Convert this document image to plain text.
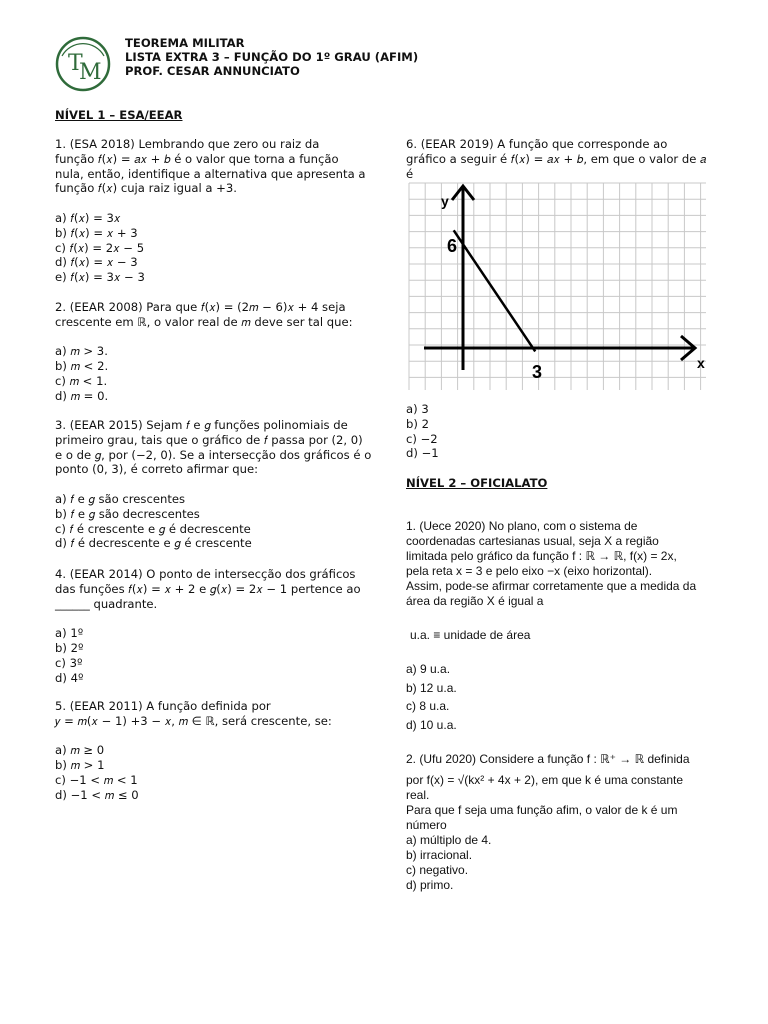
T
M
TEOREMA MILITAR
LISTA EXTRA 3 – FUNÇÃO DO 1º GRAU (AFIM)
PROF. CESAR ANNUNCIATO
NÍVEL 1 – ESA/EEAR

1. (ESA 2018) Lembrando que zero ou raiz da

função 𝑓(𝑥) = 𝑎𝑥 + 𝑏 é o valor que torna a função

nula, então, identifique a alternativa que apresenta a

função 𝑓(𝑥) cuja raiz igual a +3.

a) 𝑓(𝑥) = 3𝑥
b) 𝑓(𝑥) = 𝑥 + 3
c) 𝑓(𝑥) = 2𝑥 − 5
d) 𝑓(𝑥) = 𝑥 − 3
e) 𝑓(𝑥) = 3𝑥 − 3

2. (EEAR 2008) Para que 𝑓(𝑥) = (2𝑚 − 6)𝑥 + 4 seja

crescente em ℝ, o valor real de 𝑚 deve ser tal que:

a) 𝑚 > 3.
b) 𝑚 < 2.
c) 𝑚 < 1.
d) 𝑚 = 0.

3. (EEAR 2015) Sejam 𝑓 e 𝑔 funções polinomiais de

primeiro grau, tais que o gráfico de 𝑓 passa por (2, 0)

e o de 𝑔, por (−2, 0). Se a intersecção dos gráficos é o

ponto (0, 3), é correto afirmar que:

a) 𝑓 e 𝑔 são crescentes
b) 𝑓 e 𝑔 são decrescentes
c) 𝑓 é crescente e 𝑔 é decrescente
d) 𝑓 é decrescente e 𝑔 é crescente

4. (EEAR 2014) O ponto de intersecção dos gráficos

das funções 𝑓(𝑥) = 𝑥 + 2 e 𝑔(𝑥) = 2𝑥 − 1 pertence ao

______ quadrante.

a) 1º
b) 2º
c) 3º
d) 4º

5. (EEAR 2011) A função definida por

𝑦 = 𝑚(𝑥 − 1) +3 − 𝑥, 𝑚 ∈ ℝ, será crescente, se:

a) 𝑚 ≥ 0
b) 𝑚 > 1
c) −1 < 𝑚 < 1
d) −1 < 𝑚 ≤ 0

6. (EEAR 2019) A função que corresponde ao

gráfico a seguir é 𝑓(𝑥) = 𝑎𝑥 + 𝑏, em que o valor de 𝑎

é

y
x
6
3
a) 3
b) 2
c) −2
d) −1
NÍVEL 2 – OFICIALATO

1. (Uece 2020) No plano, com o sistema de

coordenadas cartesianas usual, seja X a região

limitada pelo gráfico da função f : ℝ → ℝ, f(x) = 2x,

pela reta x = 3 e pelo eixo −x (eixo horizontal).

Assim, pode-se afirmar corretamente que a medida da

área da região X é igual a

u.a. ≡ unidade de área
a) 9 u.a.
b) 12 u.a.
c) 8 u.a.
d) 10 u.a.

2. (Ufu 2020) Considere a função f : ℝ⁺ → ℝ definida

por f(x) = √(kx² + 4x + 2), em que k é uma constante

real.

Para que f seja uma função afim, o valor de k é um

número

a) múltiplo de 4.
b) irracional.
c) negativo.
d) primo.
